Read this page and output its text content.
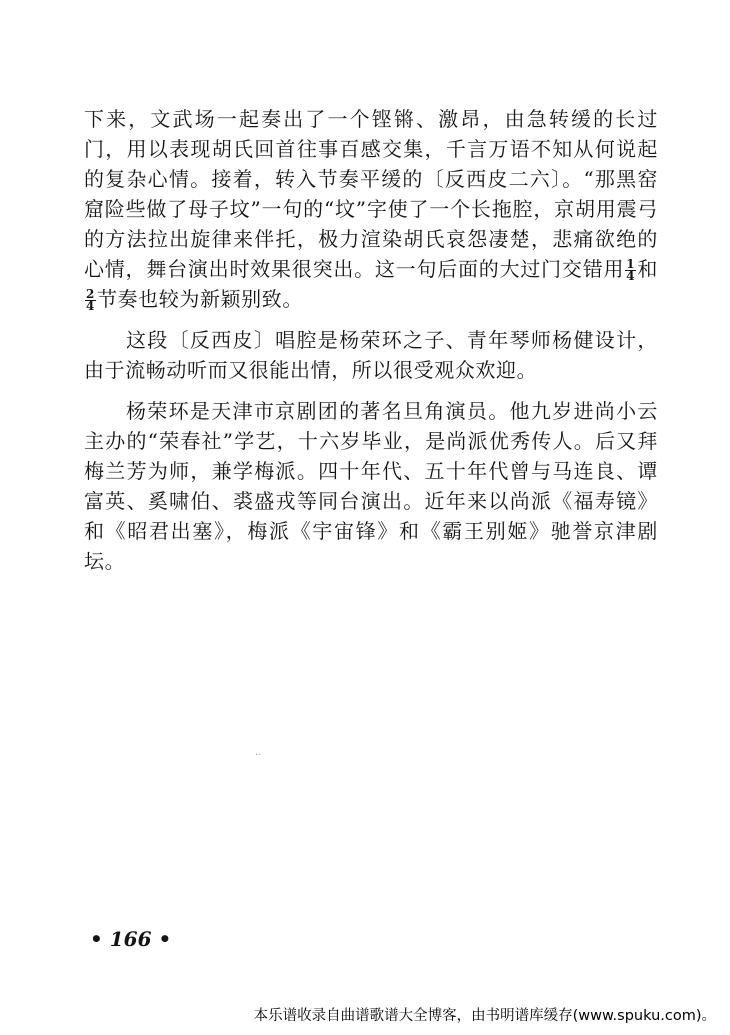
下来，文武场一起奏出了一个铿锵、激昂，由急转缓的长过门，用以表现胡氏回首往事百感交集，千言万语不知从何说起的复杂心情。接着，转入节奏平缓的〔反西皮二六〕。“那黑窑窟险些做了母子坟”一句的“坟”字使了一个长拖腔，京胡用震弓的方法拉出旋律来伴托，极力渲染胡氏哀怨凄楚，悲痛欲绝的心情，舞台演出时效果很突出。这一句后面的大过门交错用 $\frac{1}{4}$ 和
$\frac{2}{4}$ 节奏也较为新颖别致。

这段〔反西皮〕唱腔是杨荣环之子、青年琴师杨健设计，由于流畅动听而又很能出情，所以很受观众欢迎。

杨荣环是天津市京剧团的著名旦角演员。他九岁进尚小云主办的“荣春社”学艺，十六岁毕业，是尚派优秀传人。后又拜梅兰芳为师，兼学梅派。四十年代、五十年代曾与马连良、谭富英、奚啸伯、裘盛戎等同台演出。近年来以尚派《福寿镜》和《昭君出塞》，梅派《宇宙锋》和《霸王别姬》驰誉京津剧坛。

..
• 166 •
本乐谱收录自曲谱歌谱大全博客，由书明谱库缓存(www.spuku.com)。
